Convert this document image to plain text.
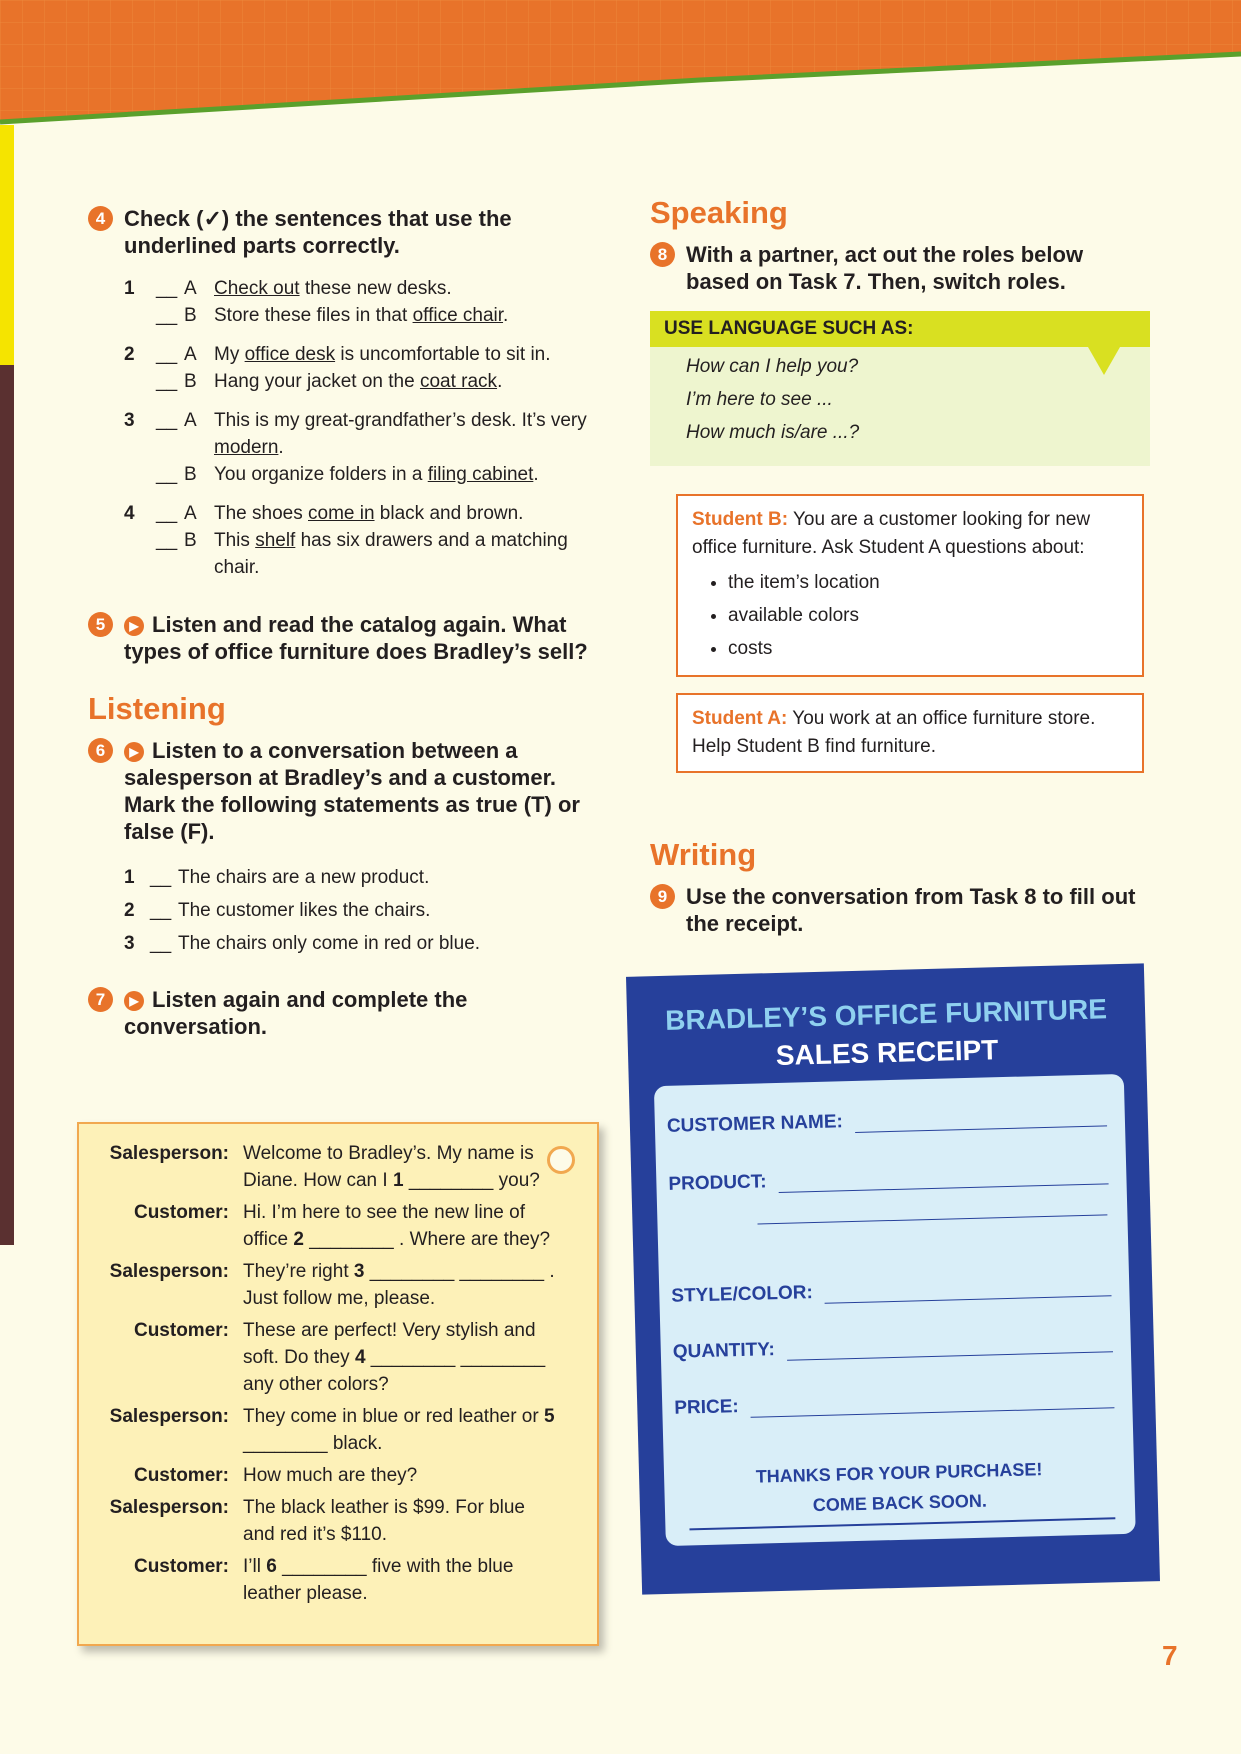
4 Check (✓) the sentences that use the underlined parts correctly.
1	__ A Check out these new desks.
__ B Store these files in that office chair.
2	__ A My office desk is uncomfortable to sit in.
__ B Hang your jacket on the coat rack.
3	__ A This is my great-grandfather’s desk. It’s very modern.
__ B You organize folders in a filing cabinet.
4	__ A The shoes come in black and brown.
__ B This shelf has six drawers and a matching chair.
5	▶ Listen and read the catalog again. What types of office furniture does Bradley’s sell?
Listening
6	▶ Listen to a conversation between a salesperson at Bradley’s and a customer. Mark the following statements as true (T) or false (F).
1 __ The chairs are a new product.
2 __ The customer likes the chairs.
3 __ The chairs only come in red or blue.
7	▶ Listen again and complete the conversation.
Salesperson: Welcome to Bradley’s. My name is Diane. How can I 1 ________ you?
Customer: Hi. I’m here to see the new line of office 2 ________ . Where are they?
Salesperson: They’re right 3 ________ ________ . Just follow me, please.
Customer: These are perfect! Very stylish and soft. Do they 4 ________ ________ any other colors?
Salesperson: They come in blue or red leather or 5 ________ black.
Customer: How much are they?
Salesperson: The black leather is $99. For blue and red it’s $110.
Customer: I’ll 6 ________ five with the blue leather please.
Speaking
8 With a partner, act out the roles below based on Task 7. Then, switch roles.
USE LANGUAGE SUCH AS:
How can I help you?
I’m here to see ...
How much is/are ...?
Student B: You are a customer looking for new office furniture. Ask Student A questions about:
• the item’s location
• available colors
• costs
Student A: You work at an office furniture store. Help Student B find furniture.
Writing
9 Use the conversation from Task 8 to fill out the receipt.
BRADLEY’S OFFICE FURNITURE
SALES RECEIPT
CUSTOMER NAME:
PRODUCT:
STYLE/COLOR:
QUANTITY:
PRICE:
THANKS FOR YOUR PURCHASE!
COME BACK SOON.
7
